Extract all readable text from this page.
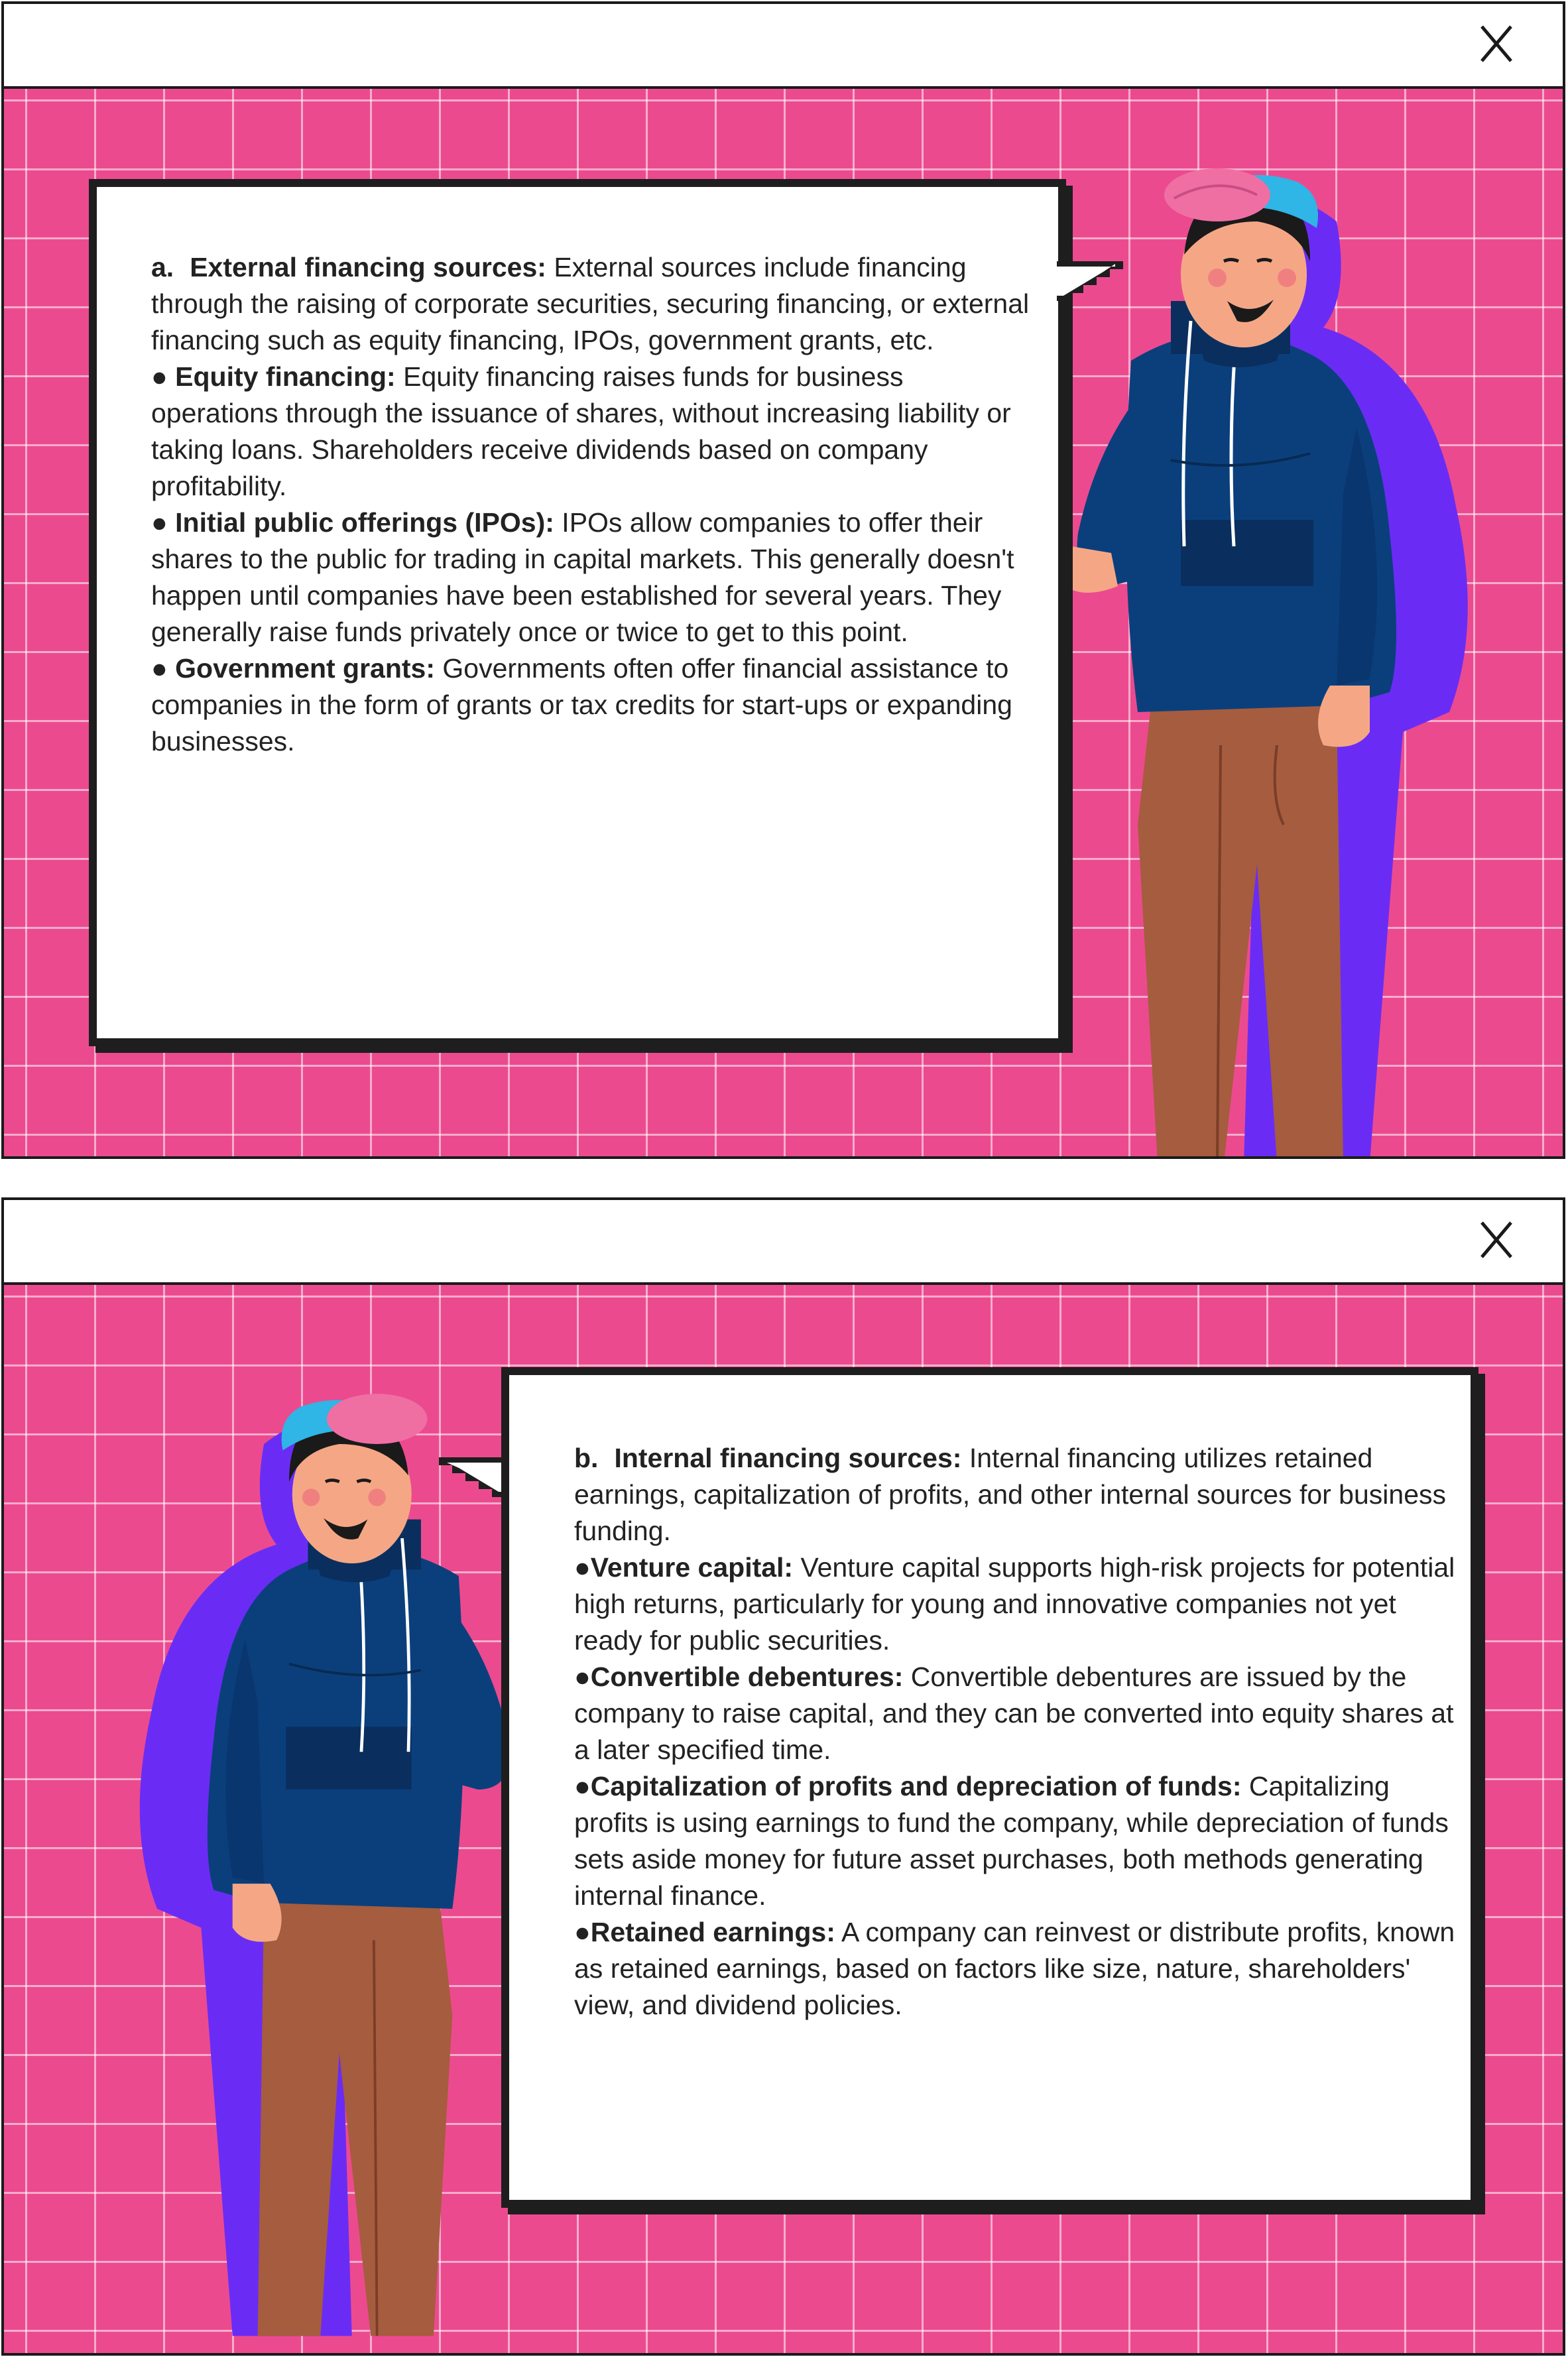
a. External financing sources: External sources include financing through the raising of corporate securities, securing financing, or external financing such as equity financing, IPOs, government grants, etc.

● Equity financing: Equity financing raises funds for business operations through the issuance of shares, without increasing liability or taking loans. Shareholders receive dividends based on company profitability.

● Initial public offerings (IPOs): IPOs allow companies to offer their shares to the public for trading in capital markets. This generally doesn't happen until companies have been established for several years. They generally raise funds privately once or twice to get to this point.

● Government grants: Governments often offer financial assistance to companies in the form of grants or tax credits for start-ups or expanding businesses.

b. Internal financing sources: Internal financing utilizes retained earnings, capitalization of profits, and other internal sources for business funding.

●Venture capital: Venture capital supports high-risk projects for potential high returns, particularly for young and innovative companies not yet ready for public securities.

●Convertible debentures: Convertible debentures are issued by the company to raise capital, and they can be converted into equity shares at a later specified time.

●Capitalization of profits and depreciation of funds: Capitalizing profits is using earnings to fund the company, while depreciation of funds sets aside money for future asset purchases, both methods generating internal finance.

●Retained earnings: A company can reinvest or distribute profits, known as retained earnings, based on factors like size, nature, shareholders' view, and dividend policies.
